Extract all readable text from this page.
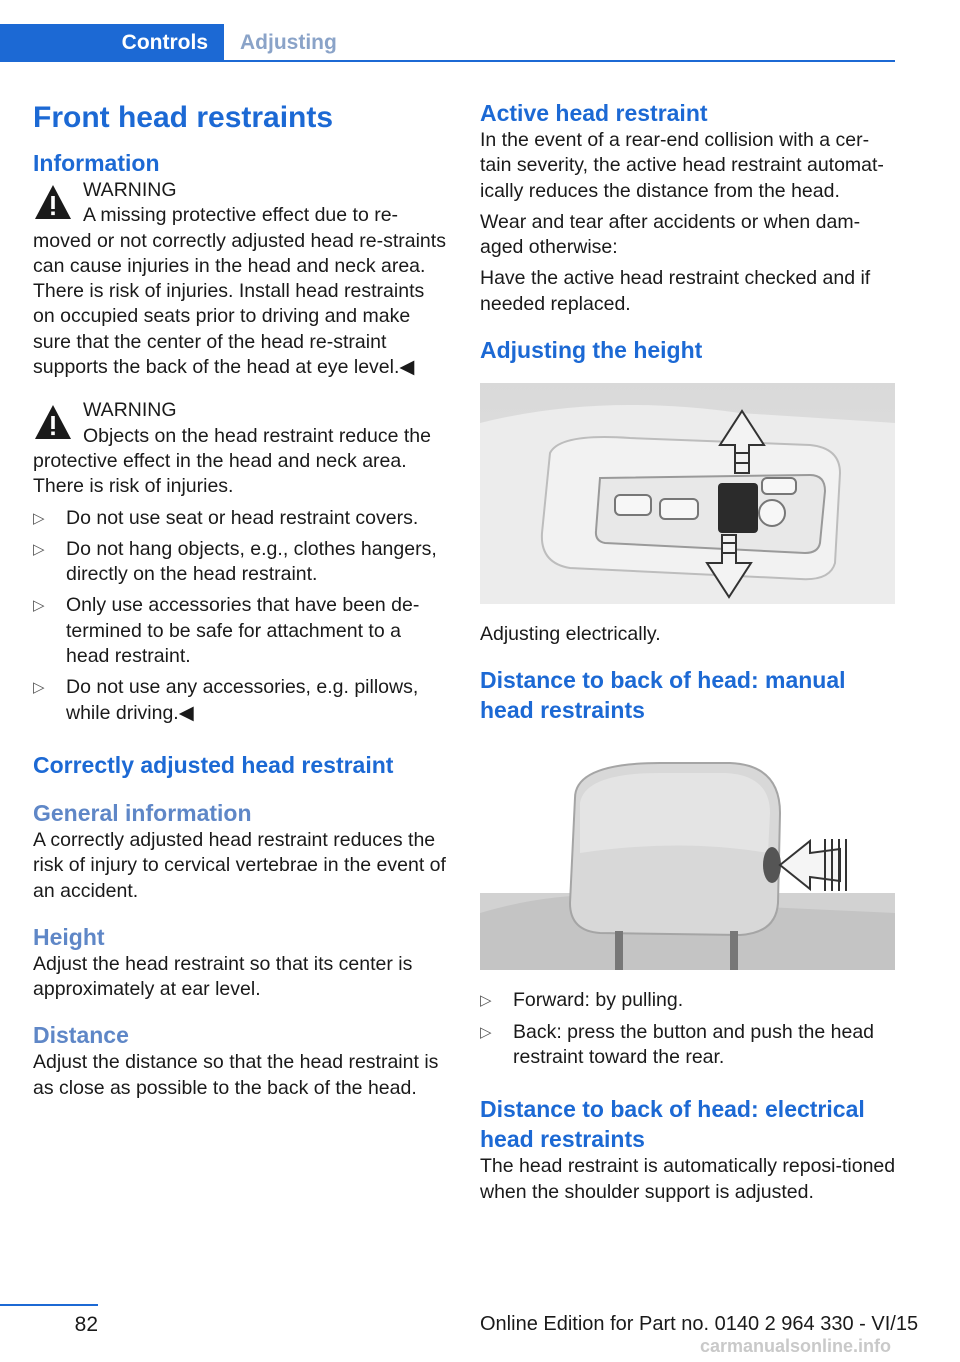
Controls	Adjusting
Front head restraints
Information
WARNING
A missing protective effect due to re-moved or not correctly adjusted head re-straints can cause injuries in the head and neck area. There is risk of injuries. Install head restraints on occupied seats prior to driving and make sure that the center of the head re-straint supports the back of the head at eye level.◀
WARNING
Objects on the head restraint reduce the protective effect in the head and neck area. There is risk of injuries.
▷ Do not use seat or head restraint covers.
▷ Do not hang objects, e.g., clothes hangers, directly on the head restraint.
▷ Only use accessories that have been de-termined to be safe for attachment to a head restraint.
▷ Do not use any accessories, e.g. pillows, while driving.◀
Correctly adjusted head restraint
General information

A correctly adjusted head restraint reduces the risk of injury to cervical vertebrae in the event of an accident.

Height

Adjust the head restraint so that its center is approximately at ear level.

Distance

Adjust the distance so that the head restraint is as close as possible to the back of the head.

Active head restraint

In the event of a rear-end collision with a cer-tain severity, the active head restraint automat-ically reduces the distance from the head.

Wear and tear after accidents or when dam-aged otherwise:

Have the active head restraint checked and if needed replaced.

Adjusting the height

Adjusting electrically.

Distance to back of head: manual head restraints
▷ Forward: by pulling.
▷ Back: press the button and push the head restraint toward the rear.
Distance to back of head: electrical head restraints

The head restraint is automatically reposi-tioned when the shoulder support is adjusted.

82	Online Edition for Part no. 0140 2 964 330 - VI/15
carmanualsonline.info
